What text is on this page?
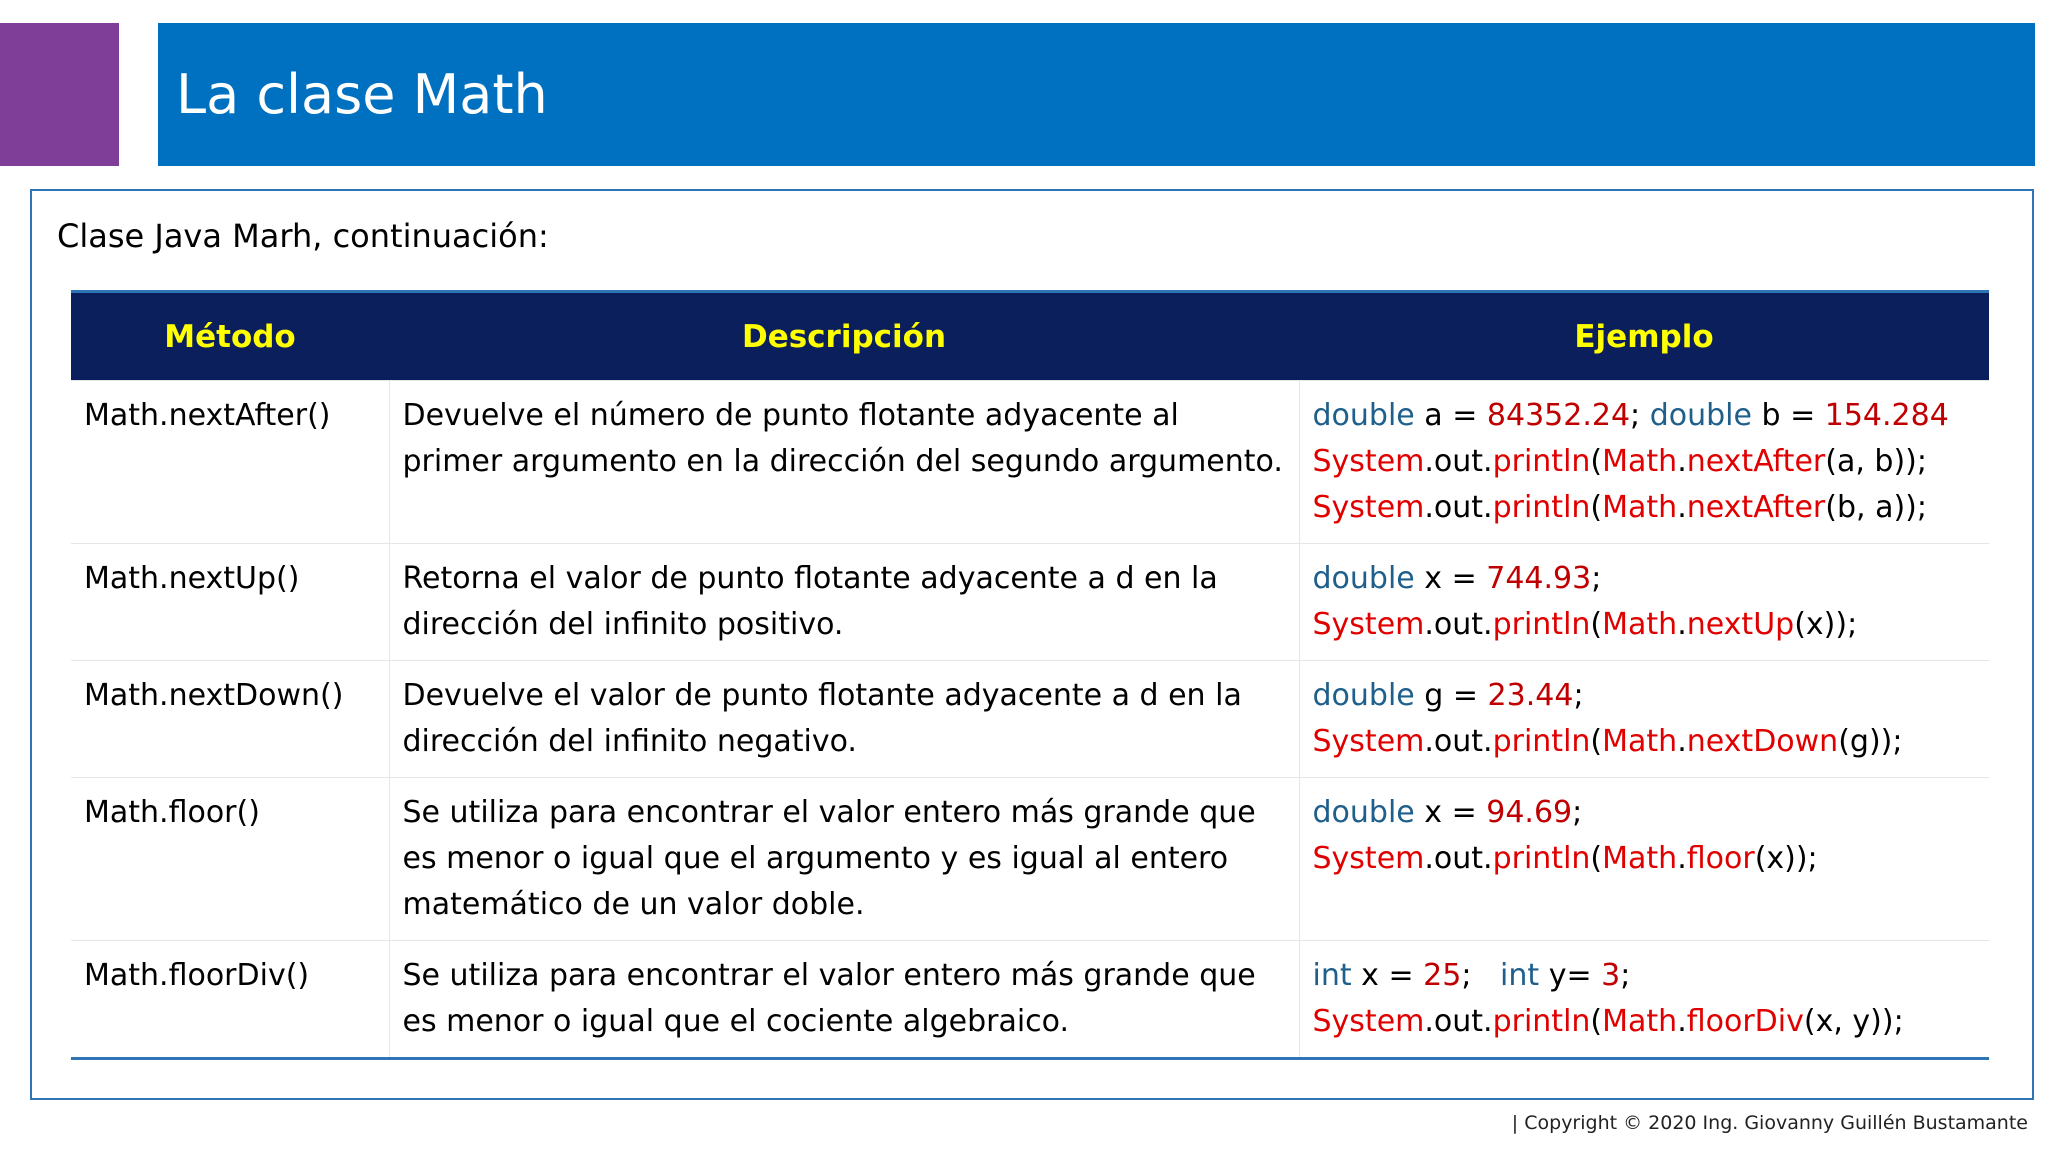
La clase Math

Clase Java Marh, continuación:

Método	Descripción	Ejemplo
Math.nextAfter()	Devuelve el número de punto flotante adyacente al primer argumento en la dirección del segundo argumento.	double a = 84352.24; double b = 154.284
System.out.println(Math.nextAfter(a, b));
System.out.println(Math.nextAfter(b, a));

Math.nextUp()	Retorna el valor de punto flotante adyacente a d en la dirección del infinito positivo.	double x = 744.93;
System.out.println(Math.nextUp(x));

Math.nextDown()	Devuelve el valor de punto flotante adyacente a d en la dirección del infinito negativo.	double g = 23.44;
System.out.println(Math.nextDown(g));

Math.floor()	Se utiliza para encontrar el valor entero más grande que es menor o igual que el argumento y es igual al entero matemático de un valor doble.	double x = 94.69;
System.out.println(Math.floor(x));

Math.floorDiv()	Se utiliza para encontrar el valor entero más grande que es menor o igual que el cociente algebraico.	int x = 25;   int y= 3;
System.out.println(Math.floorDiv(x, y));
| Copyright © 2020 Ing. Giovanny Guillén Bustamante
